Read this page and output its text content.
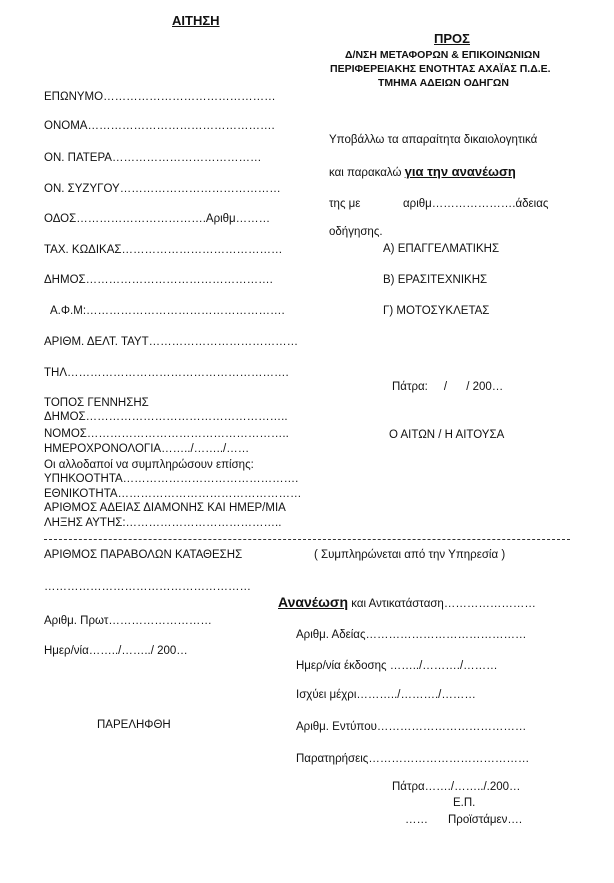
ΑΙΤΗΣΗ
ΠΡΟΣ
Δ/ΝΣΗ ΜΕΤΑΦΟΡΩΝ & ΕΠΙΚΟΙΝΩΝΙΩΝ
ΠΕΡΙΦΕΡΕΙΑΚΗΣ ΕΝΟΤΗΤΑΣ ΑΧΑΪΑΣ Π.Δ.Ε.
ΤΜΗΜΑ ΑΔΕΙΩΝ ΟΔΗΓΩΝ
ΕΠΩΝΥΜΟ………………………………………
ΟΝΟΜΑ………………………………………….
ΟΝ. ΠΑΤΕΡΑ…………………………………
ΟΝ. ΣΥΖΥΓΟΥ……………………………………
ΟΔΟΣ…………………………….Αριθμ………
ΤΑΧ. ΚΩΔΙΚΑΣ……………………………………
ΔΗΜΟΣ………………………………………….
Α.Φ.Μ:…………………………………………….
ΑΡΙΘΜ. ΔΕΛΤ. ΤΑΥΤ…………………………………
ΤΗΛ………………………………………………….
ΤΟΠΟΣ ΓΕΝΝΗΣΗΣ
ΔΗΜΟΣ……………………………………………..
ΝΟΜΟΣ……………………………………………..
ΗΜΕΡΟΧΡΟΝΟΛΟΓΙΑ……../……../……
Οι αλλοδαποί να συμπληρώσουν επίσης:
ΥΠΗΚΟΟΤΗΤΑ……………………………………….
ΕΘΝΙΚΟΤΗΤΑ…………………………………………
ΑΡΙΘΜΟΣ ΑΔΕΙΑΣ ΔΙΑΜΟΝΗΣ ΚΑΙ ΗΜΕΡ/ΜΙΑ
ΛΗΞΗΣ ΑΥΤΗΣ:…………………………………..
Υποβάλλω τα απαραίτητα δικαιολογητικά
και παρακαλώ για την ανανέωση
της με	αριθμ………………….άδειας
οδήγησης.
Α) ΕΠΑΓΓΕΛΜΑΤΙΚΗΣ
Β) ΕΡΑΣΙΤΕΧΝΙΚΗΣ
Γ) ΜΟΤΟΣΥΚΛΕΤΑΣ
Πάτρα:     /      / 200…
Ο ΑΙΤΩΝ / Η ΑΙΤΟΥΣΑ
ΑΡΙΘΜΟΣ ΠΑΡΑΒΟΛΩΝ ΚΑΤΑΘΕΣΗΣ	( Συμπληρώνεται από την Υπηρεσία )
………………………………………………
Αριθμ. Πρωτ………………………
Ημερ/νία……../……../ 200…
ΠΑΡΕΛΗΦΘΗ
Ανανέωση και Αντικατάσταση……………………
Αριθμ. Αδείας……………………………………
Ημερ/νία έκδοσης ……../………./………
Ισχύει μέχρι………../………./………
Αριθμ. Εντύπου…………………………………
Παρατηρήσεις……………………………………
Πάτρα……./……../.200…
Ε.Π.
…… Προϊστάμεν….
